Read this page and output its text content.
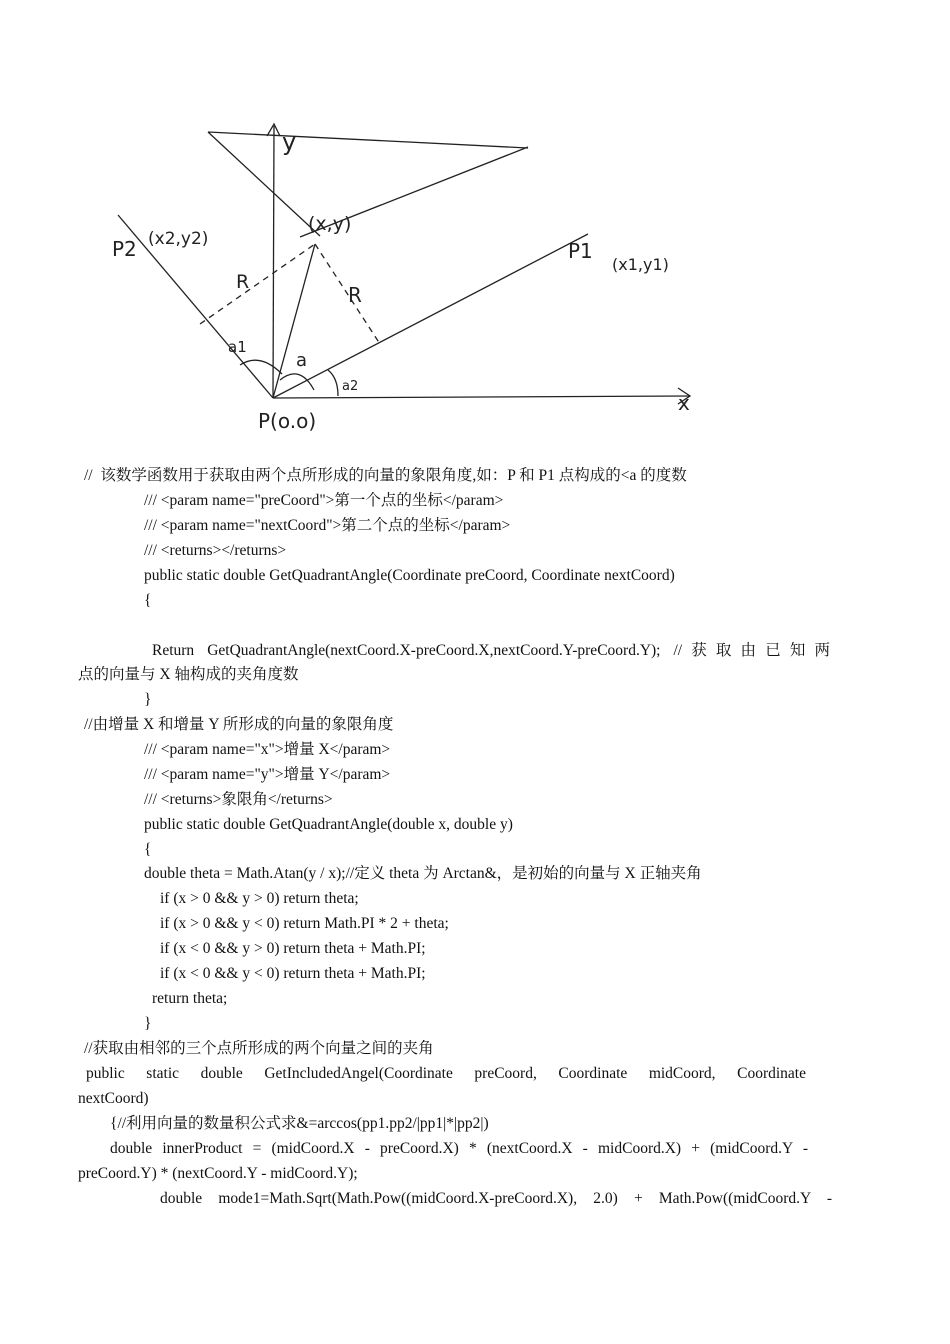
y
x
P(o.o)
P1
(x1,y1)
P2 (x2,y2)
(x,y)
R
R
a
a1
a2
//  该数学函数用于获取由两个点所形成的向量的象限角度,如：P 和 P1 点构成的<a 的度数
/// <param name="preCoord">第一个点的坐标</param>
/// <param name="nextCoord">第二个点的坐标</param>
/// <returns></returns>
public static double GetQuadrantAngle(Coordinate preCoord, Coordinate nextCoord)
{
Return GetQuadrantAngle(nextCoord.X-preCoord.X,nextCoord.Y-preCoord.Y); //获取由已知两
点的向量与 X 轴构成的夹角度数
}
//由增量 X 和增量 Y 所形成的向量的象限角度
/// <param name="x">增量 X</param>
/// <param name="y">增量 Y</param>
/// <returns>象限角</returns>
public static double GetQuadrantAngle(double x, double y)
{
double theta = Math.Atan(y / x);//定义 theta 为 Arctan&，是初始的向量与 X 正轴夹角
if (x > 0 && y > 0) return theta;
if (x > 0 && y < 0) return Math.PI * 2 + theta;
if (x < 0 && y > 0) return theta + Math.PI;
if (x < 0 && y < 0) return theta + Math.PI;
return theta;
}
//获取由相邻的三个点所形成的两个向量之间的夹角
public static double GetIncludedAngel(Coordinate preCoord, Coordinate midCoord, Coordinate
nextCoord)
{//利用向量的数量积公式求&=arccos(pp1.pp2/|pp1|*|pp2|)
double innerProduct = (midCoord.X - preCoord.X) * (nextCoord.X - midCoord.X) + (midCoord.Y -
preCoord.Y) * (nextCoord.Y - midCoord.Y);
double mode1=Math.Sqrt(Math.Pow((midCoord.X-preCoord.X), 2.0) + Math.Pow((midCoord.Y -
